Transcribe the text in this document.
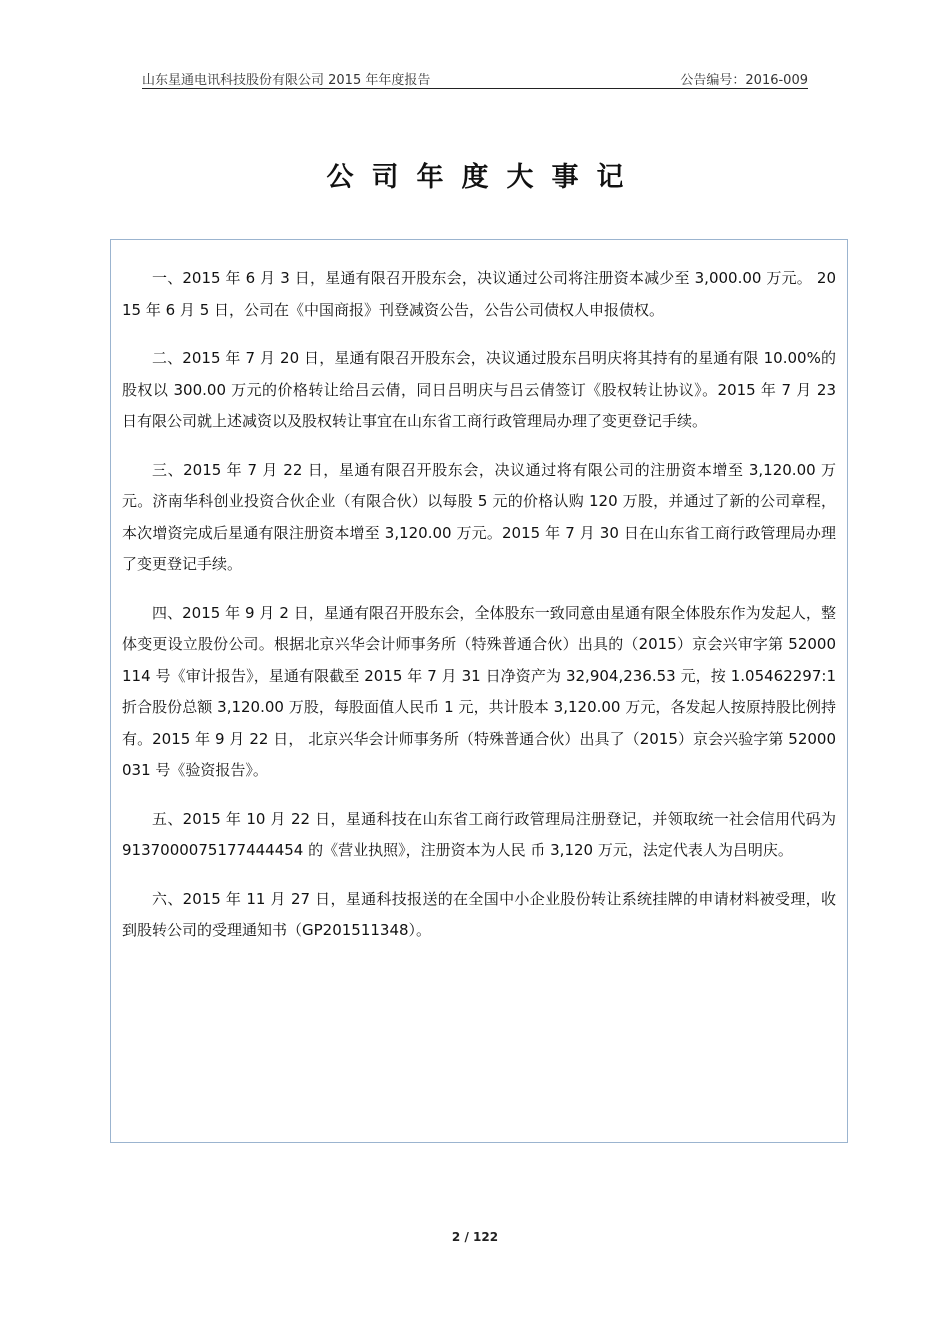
山东星通电讯科技股份有限公司 2015 年年度报告	公告编号：2016-009
公司年度大事记

一、2015 年 6 月 3 日，星通有限召开股东会，决议通过公司将注册资本减少至 3,000.00 万元。 2015 年 6 月 5 日，公司在《中国商报》刊登减资公告，公告公司债权人申报债权。

二、2015 年 7 月 20 日，星通有限召开股东会，决议通过股东吕明庆将其持有的星通有限 10.00%的股权以 300.00 万元的价格转让给吕云倩，同日吕明庆与吕云倩签订《股权转让协议》。2015 年 7 月 23 日有限公司就上述减资以及股权转让事宜在山东省工商行政管理局办理了变更登记手续。

三、2015 年 7 月 22 日，星通有限召开股东会，决议通过将有限公司的注册资本增至 3,120.00 万元。济南华科创业投资合伙企业（有限合伙）以每股 5 元的价格认购 120 万股，并通过了新的公司章程，本次增资完成后星通有限注册资本增至 3,120.00 万元。2015 年 7 月 30 日在山东省工商行政管理局办理了变更登记手续。

四、2015 年 9 月 2 日，星通有限召开股东会，全体股东一致同意由星通有限全体股东作为发起人，整体变更设立股份公司。根据北京兴华会计师事务所（特殊普通合伙）出具的（2015）京会兴审字第 52000114 号《审计报告》，星通有限截至 2015 年 7 月 31 日净资产为 32,904,236.53 元，按 1.05462297:1 折合股份总额 3,120.00 万股，每股面值人民币 1 元，共计股本 3,120.00 万元，各发起人按原持股比例持有。2015 年 9 月 22 日， 北京兴华会计师事务所（特殊普通合伙）出具了（2015）京会兴验字第 52000031 号《验资报告》。

五、2015 年 10 月 22 日，星通科技在山东省工商行政管理局注册登记，并领取统一社会信用代码为 9137000075177444454 的《营业执照》，注册资本为人民 币 3,120 万元，法定代表人为吕明庆。

六、2015 年 11 月 27 日，星通科技报送的在全国中小企业股份转让系统挂牌的申请材料被受理，收到股转公司的受理通知书（GP201511348）。

2 / 122
